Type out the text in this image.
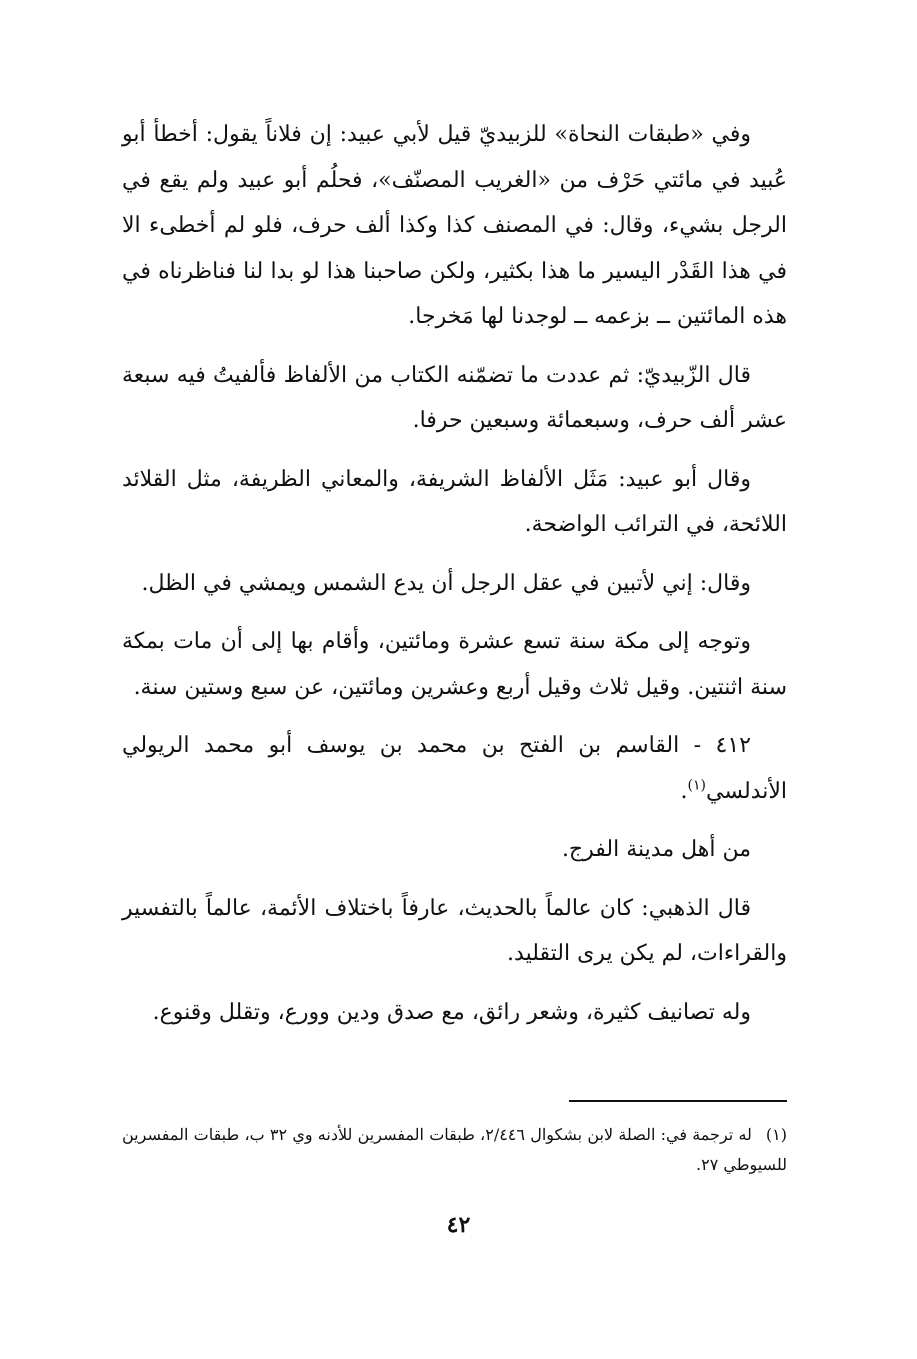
وفي «طبقات النحاة» للزبيديّ قيل لأبي عبيد: إن فلاناً يقول: أخطأ أبو عُبيد في مائتي حَرْف من «الغريب المصنّف»، فحلُم أبو عبيد ولم يقع في الرجل بشيء، وقال: في المصنف كذا وكذا ألف حرف، فلو لم أخطىء الا في هذا القَدْر اليسير ما هذا بكثير، ولكن صاحبنا هذا لو بدا لنا فناظرناه في هذه المائتين ــ بزعمه ــ لوجدنا لها مَخرجا.

قال الزّبيديّ: ثم عددت ما تضمّنه الكتاب من الألفاظ فألفيتُ فيه سبعة عشر ألف حرف، وسبعمائة وسبعين حرفا.

وقال أبو عبيد: مَثَل الألفاظ الشريفة، والمعاني الظريفة، مثل القلائد اللائحة، في الترائب الواضحة.

وقال: إني لأتبين في عقل الرجل أن يدع الشمس ويمشي في الظل.

وتوجه إلى مكة سنة تسع عشرة ومائتين، وأقام بها إلى أن مات بمكة سنة اثنتين. وقيل ثلاث وقيل أربع وعشرين ومائتين، عن سبع وستين سنة.

٤١٢ - القاسم بن الفتح بن محمد بن يوسف أبو محمد الريولي الأندلسي$^{(١)}$.

من أهل مدينة الفرج.

قال الذهبي: كان عالماً بالحديث، عارفاً باختلاف الأئمة، عالماً بالتفسير والقراءات، لم يكن يرى التقليد.

وله تصانيف كثيرة، وشعر رائق، مع صدق ودين وورع، وتقلل وقنوع.

(١)له ترجمة في: الصلة لابن بشكوال ٢/٤٤٦، طبقات المفسرين للأدنه وي ٣٢ ب، طبقات المفسرين للسيوطي ٢٧.

٤٢
